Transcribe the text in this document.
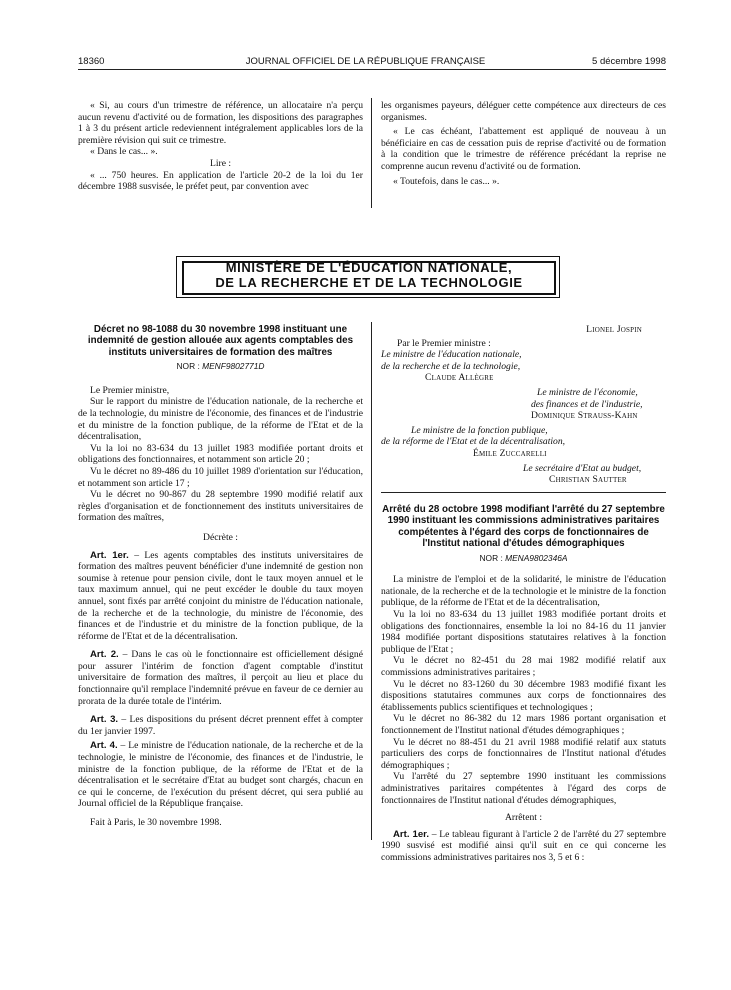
18360	JOURNAL OFFICIEL DE LA RÉPUBLIQUE FRANÇAISE	5 décembre 1998

« Si, au cours d'un trimestre de référence, un allocataire n'a perçu aucun revenu d'activité ou de formation, les dispositions des paragraphes 1 à 3 du présent article redeviennent intégralement applicables lors de la première révision qui suit ce trimestre.

« Dans le cas... ».

Lire :

« ... 750 heures. En application de l'article 20-2 de la loi du 1er décembre 1988 susvisée, le préfet peut, par convention avec

les organismes payeurs, déléguer cette compétence aux directeurs de ces organismes.

« Le cas échéant, l'abattement est appliqué de nouveau à un bénéficiaire en cas de cessation puis de reprise d'activité ou de formation à la condition que le trimestre de référence précédant la reprise ne comprenne aucun revenu d'activité ou de formation.

« Toutefois, dans le cas... ».

MINISTÈRE DE L'ÉDUCATION NATIONALE,
DE LA RECHERCHE ET DE LA TECHNOLOGIE

Décret no 98-1088 du 30 novembre 1998 instituant une indemnité de gestion allouée aux agents comptables des instituts universitaires de formation des maîtres

NOR : MENF9802771D

Le Premier ministre,

Sur le rapport du ministre de l'éducation nationale, de la recherche et de la technologie, du ministre de l'économie, des finances et de l'industrie et du ministre de la fonction publique, de la réforme de l'Etat et de la décentralisation,

Vu la loi no 83-634 du 13 juillet 1983 modifiée portant droits et obligations des fonctionnaires, et notamment son article 20 ;

Vu le décret no 89-486 du 10 juillet 1989 d'orientation sur l'éducation, et notamment son article 17 ;

Vu le décret no 90-867 du 28 septembre 1990 modifié relatif aux règles d'organisation et de fonctionnement des instituts universitaires de formation des maîtres,

Décrète :

Art. 1er. – Les agents comptables des instituts universitaires de formation des maîtres peuvent bénéficier d'une indemnité de gestion non soumise à retenue pour pension civile, dont le taux moyen annuel et le taux maximum annuel, qui ne peut excéder le double du taux moyen annuel, sont fixés par arrêté conjoint du ministre de l'éducation nationale, de la recherche et de la technologie, du ministre de l'économie, des finances et de l'industrie et du ministre de la fonction publique, de la réforme de l'Etat et de la décentralisation.

Art. 2. – Dans le cas où le fonctionnaire est officiellement désigné pour assurer l'intérim de fonction d'agent comptable d'institut universitaire de formation des maîtres, il perçoit au lieu et place du fonctionnaire qu'il remplace l'indemnité prévue en faveur de ce dernier au prorata de la durée totale de l'intérim.

Art. 3. – Les dispositions du présent décret prennent effet à compter du 1er janvier 1997.

Art. 4. – Le ministre de l'éducation nationale, de la recherche et de la technologie, le ministre de l'économie, des finances et de l'industrie, le ministre de la fonction publique, de la réforme de l'Etat et de la décentralisation et le secrétaire d'Etat au budget sont chargés, chacun en ce qui le concerne, de l'exécution du présent décret, qui sera publié au Journal officiel de la République française.

Fait à Paris, le 30 novembre 1998.

Lionel Jospin

Par le Premier ministre :

Le ministre de l'éducation nationale,

de la recherche et de la technologie,

Claude Allègre

Le ministre de l'économie,

des finances et de l'industrie,

Dominique Strauss-Kahn

Le ministre de la fonction publique,

de la réforme de l'Etat et de la décentralisation,

Émile Zuccarelli

Le secrétaire d'Etat au budget,

Christian Sautter

Arrêté du 28 octobre 1998 modifiant l'arrêté du 27 septembre 1990 instituant les commissions administratives paritaires compétentes à l'égard des corps de fonctionnaires de l'Institut national d'études démographiques

NOR : MENA9802346A

La ministre de l'emploi et de la solidarité, le ministre de l'éducation nationale, de la recherche et de la technologie et le ministre de la fonction publique, de la réforme de l'Etat et de la décentralisation,

Vu la loi no 83-634 du 13 juillet 1983 modifiée portant droits et obligations des fonctionnaires, ensemble la loi no 84-16 du 11 janvier 1984 modifiée portant dispositions statutaires relatives à la fonction publique de l'Etat ;

Vu le décret no 82-451 du 28 mai 1982 modifié relatif aux commissions administratives paritaires ;

Vu le décret no 83-1260 du 30 décembre 1983 modifié fixant les dispositions statutaires communes aux corps de fonctionnaires des établissements publics scientifiques et technologiques ;

Vu le décret no 86-382 du 12 mars 1986 portant organisation et fonctionnement de l'Institut national d'études démographiques ;

Vu le décret no 88-451 du 21 avril 1988 modifié relatif aux statuts particuliers des corps de fonctionnaires de l'Institut national d'études démographiques ;

Vu l'arrêté du 27 septembre 1990 instituant les commissions administratives paritaires compétentes à l'égard des corps de fonctionnaires de l'Institut national d'études démographiques,

Arrêtent :

Art. 1er. – Le tableau figurant à l'article 2 de l'arrêté du 27 septembre 1990 susvisé est modifié ainsi qu'il suit en ce qui concerne les commissions administratives paritaires nos 3, 5 et 6 :
